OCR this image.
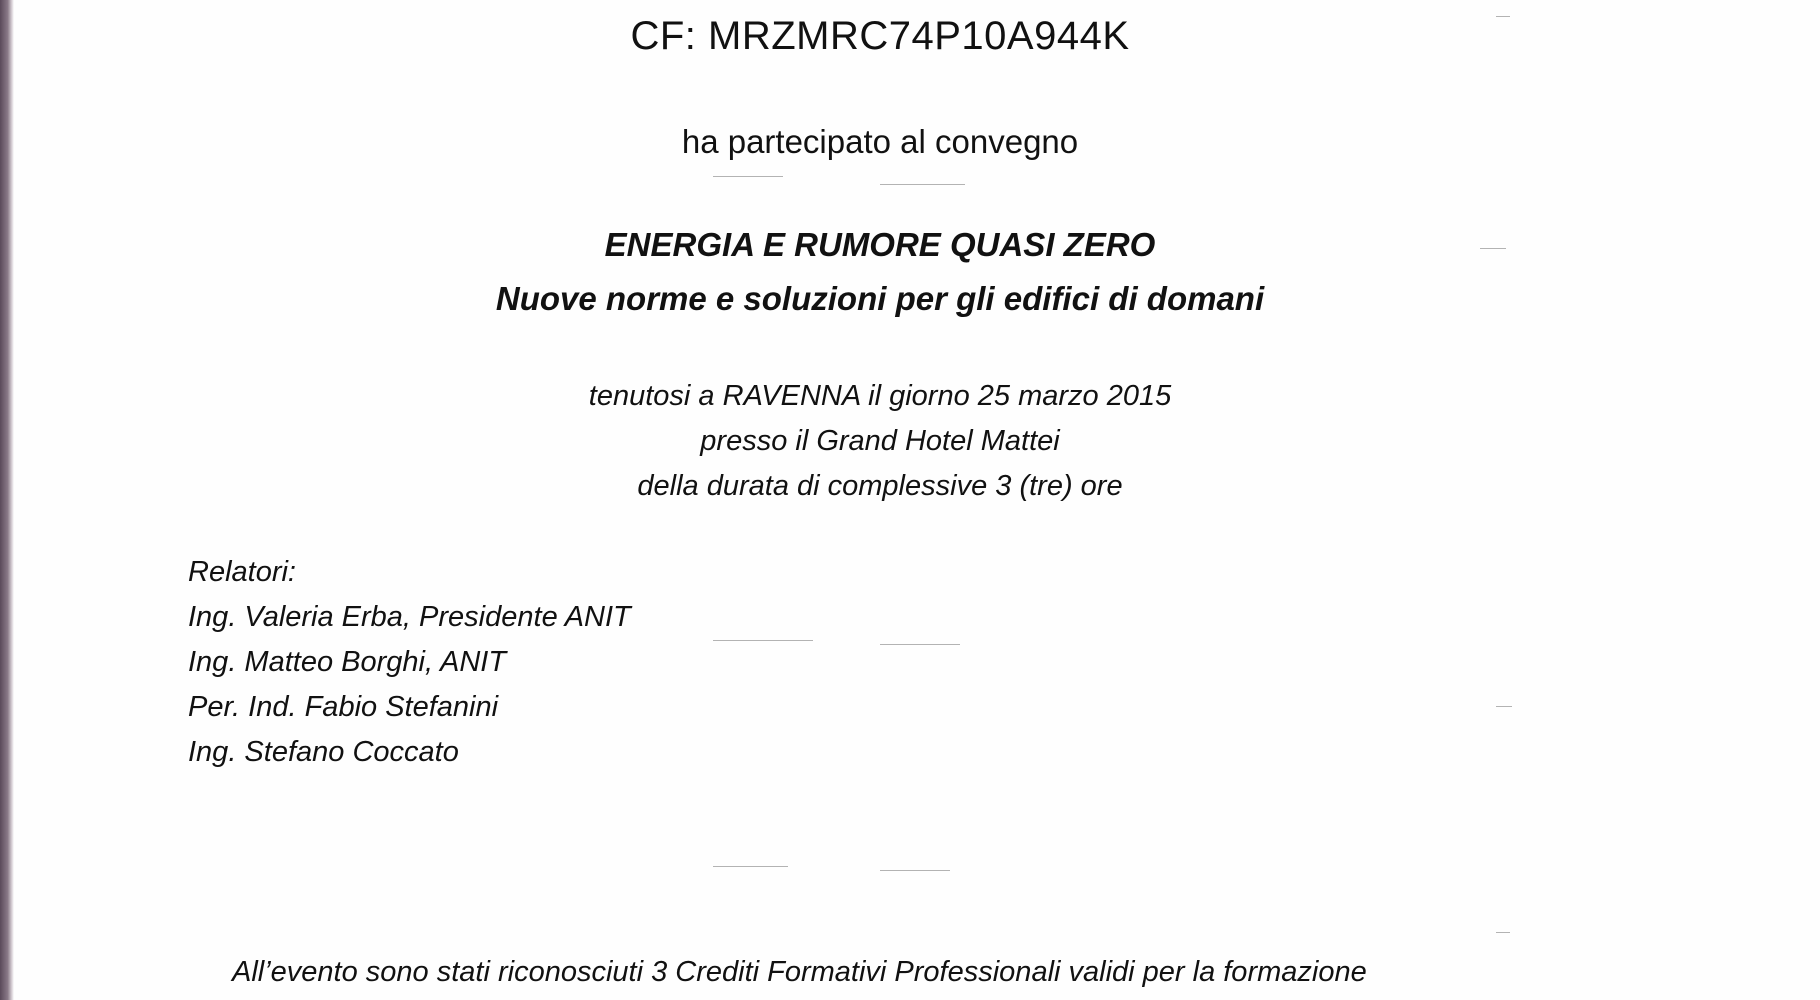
CF: MRZMRC74P10A944K
ha partecipato al convegno
ENERGIA E RUMORE QUASI ZERO
Nuove norme e soluzioni per gli edifici di domani
tenutosi a RAVENNA il giorno 25 marzo 2015
presso il Grand Hotel Mattei
della durata di complessive 3 (tre) ore
Relatori:
Ing. Valeria Erba, Presidente ANIT
Ing. Matteo Borghi, ANIT
Per. Ind. Fabio Stefanini
Ing. Stefano Coccato
All’evento sono stati riconosciuti 3 Crediti Formativi Professionali validi per la formazione
